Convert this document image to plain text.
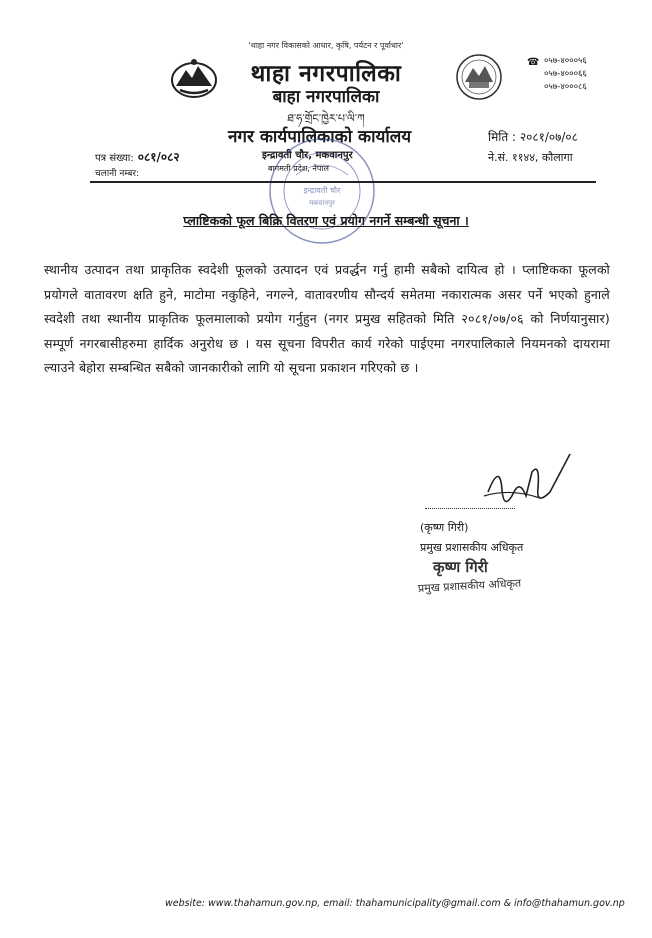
'थाहा नगर विकासको आधार, कृषि, पर्यटन र पूर्वाधार'
थाहा नगरपालिका
बाहा नगरपालिका
ཐ་ཧ་གྲོང་ཁྱེར་པ་ལི་ཀ
☎ ०५७-४०००५६
०५७-४०००६६
०५७-४०००८६
नगर कार्यपालिकाको कार्यालय
इन्द्रावती चौर, मकवानपुर
बागमती प्रदेश, नेपाल
मिति : २०८१/०७/०८
ने.सं. ११४४, कौलागा
पत्र संख्या: ०८१/०८२
चलानी नम्बर:
इन्द्रावती चौर
मकवानपुर
प्लाष्टिकको फूल बिक्रि वितरण एवं प्रयोग नगर्ने सम्बन्धी सूचना ।
स्थानीय उत्पादन तथा प्राकृतिक स्वदेशी फूलको उत्पादन एवं प्रवर्द्धन गर्नु हामी सबैको दायित्व हो । प्लाष्टिकका फूलको प्रयोगले वातावरण क्षति हुने, माटोमा नकुहिने, नगल्ने, वातावरणीय सौन्दर्य समेतमा नकारात्मक असर पर्ने भएको हुनाले स्वदेशी तथा स्थानीय प्राकृतिक फूलमालाको प्रयोग गर्नुहुन (नगर प्रमुख सहितको मिति २०८१/०७/०६ को निर्णयानुसार) सम्पूर्ण नगरबासीहरुमा हार्दिक अनुरोध छ । यस सूचना विपरीत कार्य गरेको पाईएमा नगरपालिकाले नियमनको दायरामा ल्याउने बेहोरा सम्बन्धित सबैको जानकारीको लागि यो सूचना प्रकाशन गरिएको छ ।
(कृष्ण गिरी)
प्रमुख प्रशासकीय अधिकृत
कृष्ण गिरी
प्रमुख प्रशासकीय अधिकृत
website: www.thahamun.gov.np, email: thahamunicipality@gmail.com & info@thahamun.gov.np
